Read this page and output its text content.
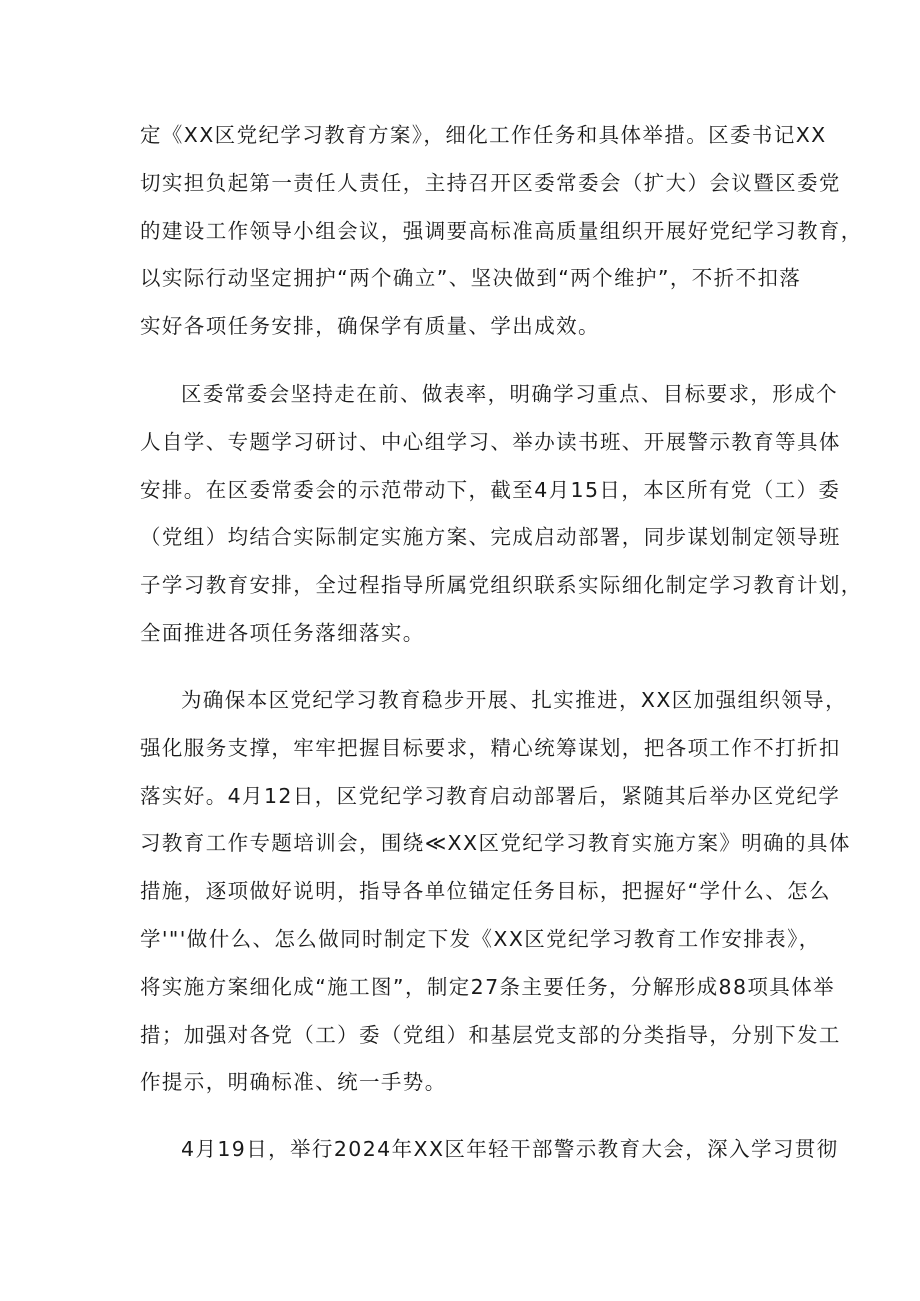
定《XX区党纪学习教育方案》，细化工作任务和具体举措。区委书记XX
切实担负起第一责任人责任，主持召开区委常委会（扩大）会议暨区委党
的建设工作领导小组会议，强调要高标准高质量组织开展好党纪学习教育，
以实际行动坚定拥护“两个确立”、坚决做到“两个维护”，不折不扣落
实好各项任务安排，确保学有质量、学出成效。
区委常委会坚持走在前、做表率，明确学习重点、目标要求，形成个
人自学、专题学习研讨、中心组学习、举办读书班、开展警示教育等具体
安排。在区委常委会的示范带动下，截至4月15日，本区所有党（工）委
（党组）均结合实际制定实施方案、完成启动部署，同步谋划制定领导班
子学习教育安排，全过程指导所属党组织联系实际细化制定学习教育计划，
全面推进各项任务落细落实。
为确保本区党纪学习教育稳步开展、扎实推进，XX区加强组织领导，
强化服务支撑，牢牢把握目标要求，精心统筹谋划，把各项工作不打折扣
落实好。4月12日，区党纪学习教育启动部署后，紧随其后举办区党纪学
习教育工作专题培训会，围绕≪XX区党纪学习教育实施方案》明确的具体
措施，逐项做好说明，指导各单位锚定任务目标，把握好“学什么、怎么
学'"'做什么、怎么做同时制定下发《XX区党纪学习教育工作安排表》，
将实施方案细化成“施工图”，制定27条主要任务，分解形成88项具体举
措；加强对各党（工）委（党组）和基层党支部的分类指导，分别下发工
作提示，明确标准、统一手势。
4月19日，举行2024年XX区年轻干部警示教育大会，深入学习贯彻
